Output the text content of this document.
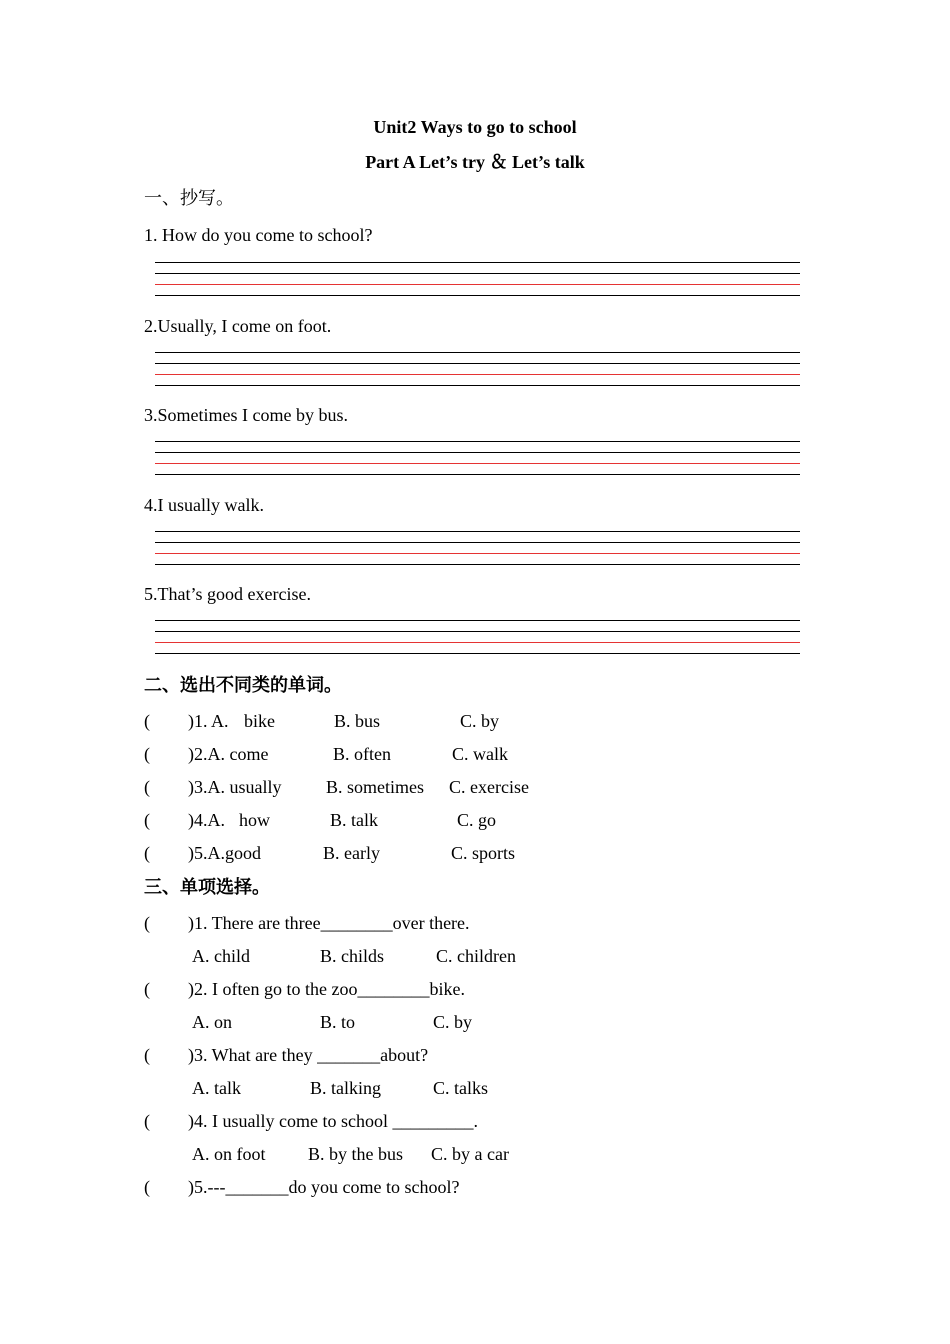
Unit2 Ways to go to school
Part A Let’s try ＆ Let’s talk
一、抄写。
1. How do you come to school?
2.Usually, I come on foot.
3.Sometimes I come by bus.
4.I usually walk.
5.That’s good exercise.
二、选出不同类的单词。
( )1. A. bike	B. bus	C. by
( )2.A. come	B. often	C. walk
( )3.A. usually B. sometimes C. exercise
( )4.A. how	B. talk	C. go
( )5.A.good	B. early	C. sports
三、单项选择。
( )1. There are three________over there.
A. child	B. childs	C. children
( )2. I often go to the zoo________bike.
A. on	B. to	C. by
( )3. What are they _______about?
A. talk	B. talking	C. talks
( )4. I usually come to school _________.
A. on foot B. by the bus C. by a car
( )5.---_______do you come to school?
